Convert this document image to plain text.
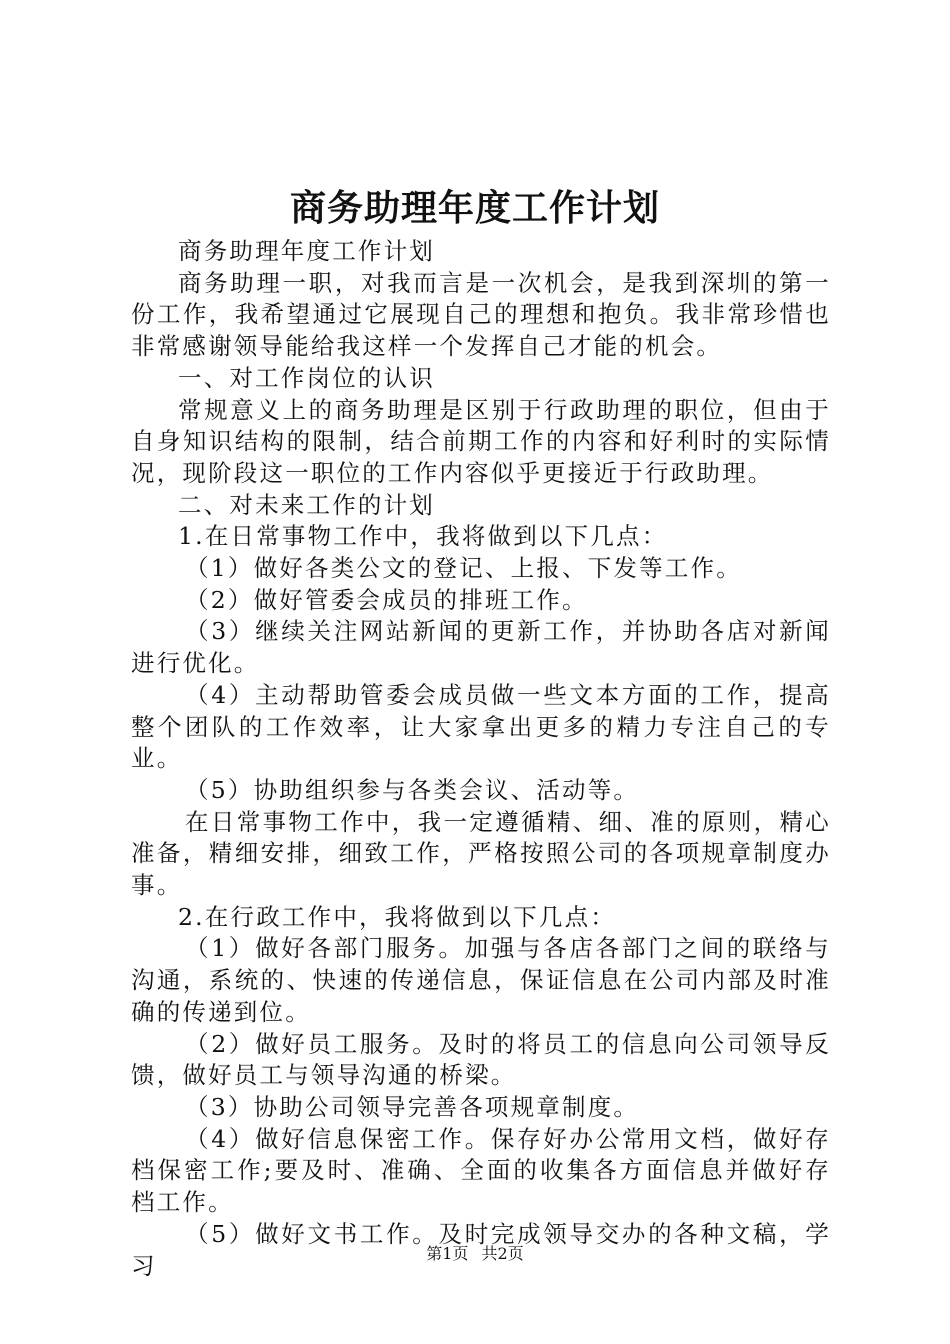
商务助理年度工作计划

商务助理年度工作计划

商务助理一职，对我而言是一次机会，是我到深圳的第一份工作，我希望通过它展现自己的理想和抱负。我非常珍惜也非常感谢领导能给我这样一个发挥自己才能的机会。

一、对工作岗位的认识

常规意义上的商务助理是区别于行政助理的职位，但由于自身知识结构的限制，结合前期工作的内容和好利时的实际情况，现阶段这一职位的工作内容似乎更接近于行政助理。

二、对未来工作的计划

1.在日常事物工作中，我将做到以下几点：

（1）做好各类公文的登记、上报、下发等工作。

（2）做好管委会成员的排班工作。

（3）继续关注网站新闻的更新工作，并协助各店对新闻进行优化。

（4）主动帮助管委会成员做一些文本方面的工作，提高整个团队的工作效率，让大家拿出更多的精力专注自己的专业。

（5）协助组织参与各类会议、活动等。

在日常事物工作中，我一定遵循精、细、准的原则，精心准备，精细安排，细致工作，严格按照公司的各项规章制度办事。

2.在行政工作中，我将做到以下几点：

（1）做好各部门服务。加强与各店各部门之间的联络与沟通，系统的、快速的传递信息，保证信息在公司内部及时准确的传递到位。

（2）做好员工服务。及时的将员工的信息向公司领导反馈，做好员工与领导沟通的桥梁。

（3）协助公司领导完善各项规章制度。

（4）做好信息保密工作。保存好办公常用文档，做好存档保密工作;要及时、准确、全面的收集各方面信息并做好存档工作。

（5）做好文书工作。及时完成领导交办的各种文稿，学习	第1页 共2页
